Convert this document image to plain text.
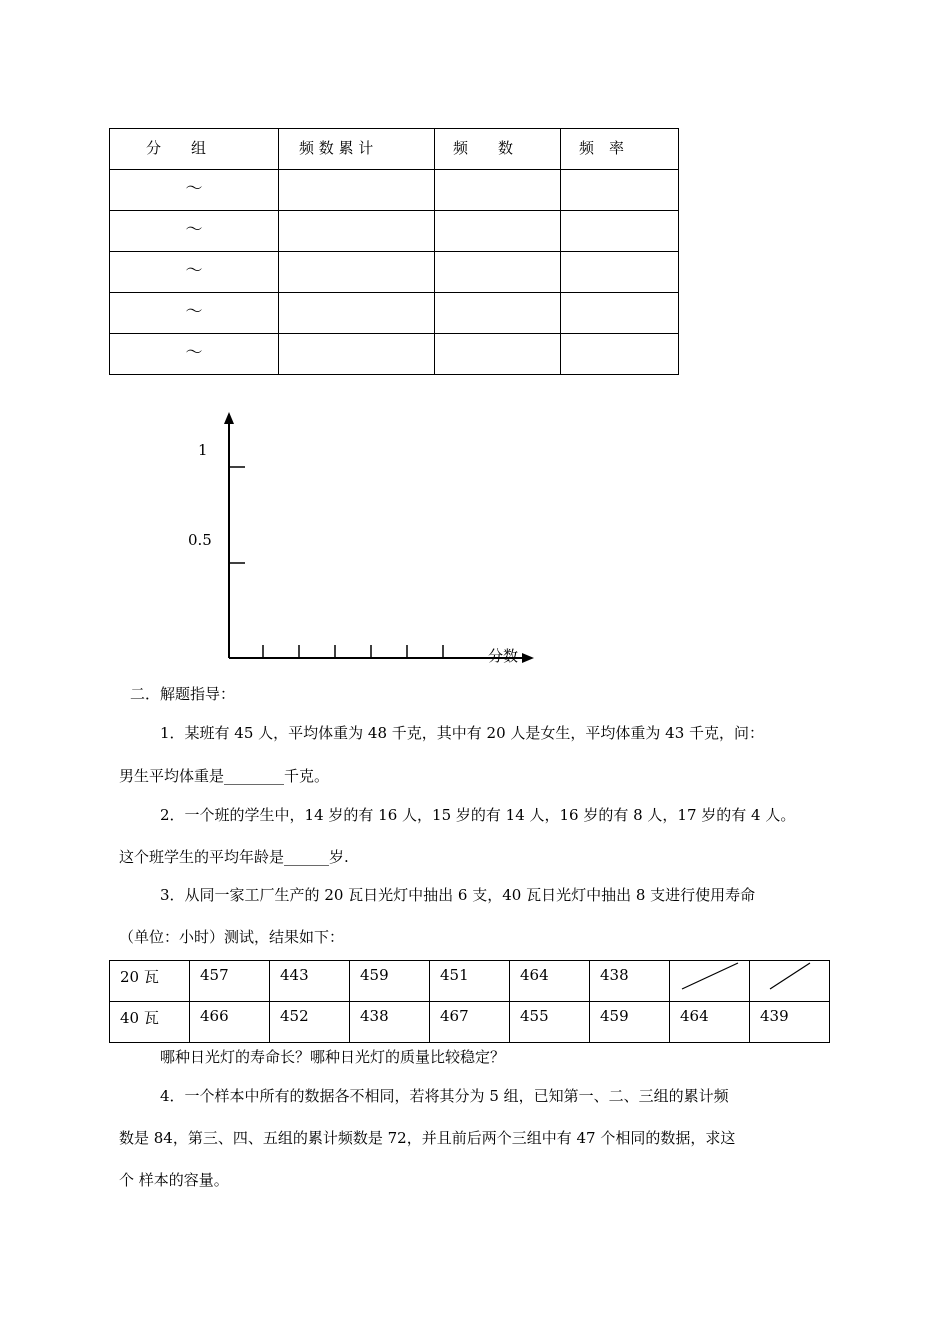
分　　组	频 数 累 计	频　　数	频　率

～			

～			

～			

～			

～			

1
0.5
分数
二．解题指导：
1．某班有 45 人，平均体重为 48 千克，其中有 20 人是女生，平均体重为 43 千克，问：
男生平均体重是________千克。
2．一个班的学生中，14 岁的有 16 人，15 岁的有 14 人，16 岁的有 8 人，17 岁的有 4 人。
这个班学生的平均年龄是______岁.
3．从同一家工厂生产的 20 瓦日光灯中抽出 6 支，40 瓦日光灯中抽出 8 支进行使用寿命
（单位：小时）测试，结果如下：
20 瓦	457	443	459	451	464	438

40 瓦	466	452	438	467	455	459	464	439
哪种日光灯的寿命长？哪种日光灯的质量比较稳定？
4．一个样本中所有的数据各不相同，若将其分为 5 组，已知第一、二、三组的累计频
数是 84，第三、四、五组的累计频数是 72，并且前后两个三组中有 47 个相同的数据，求这
个 样本的容量。
